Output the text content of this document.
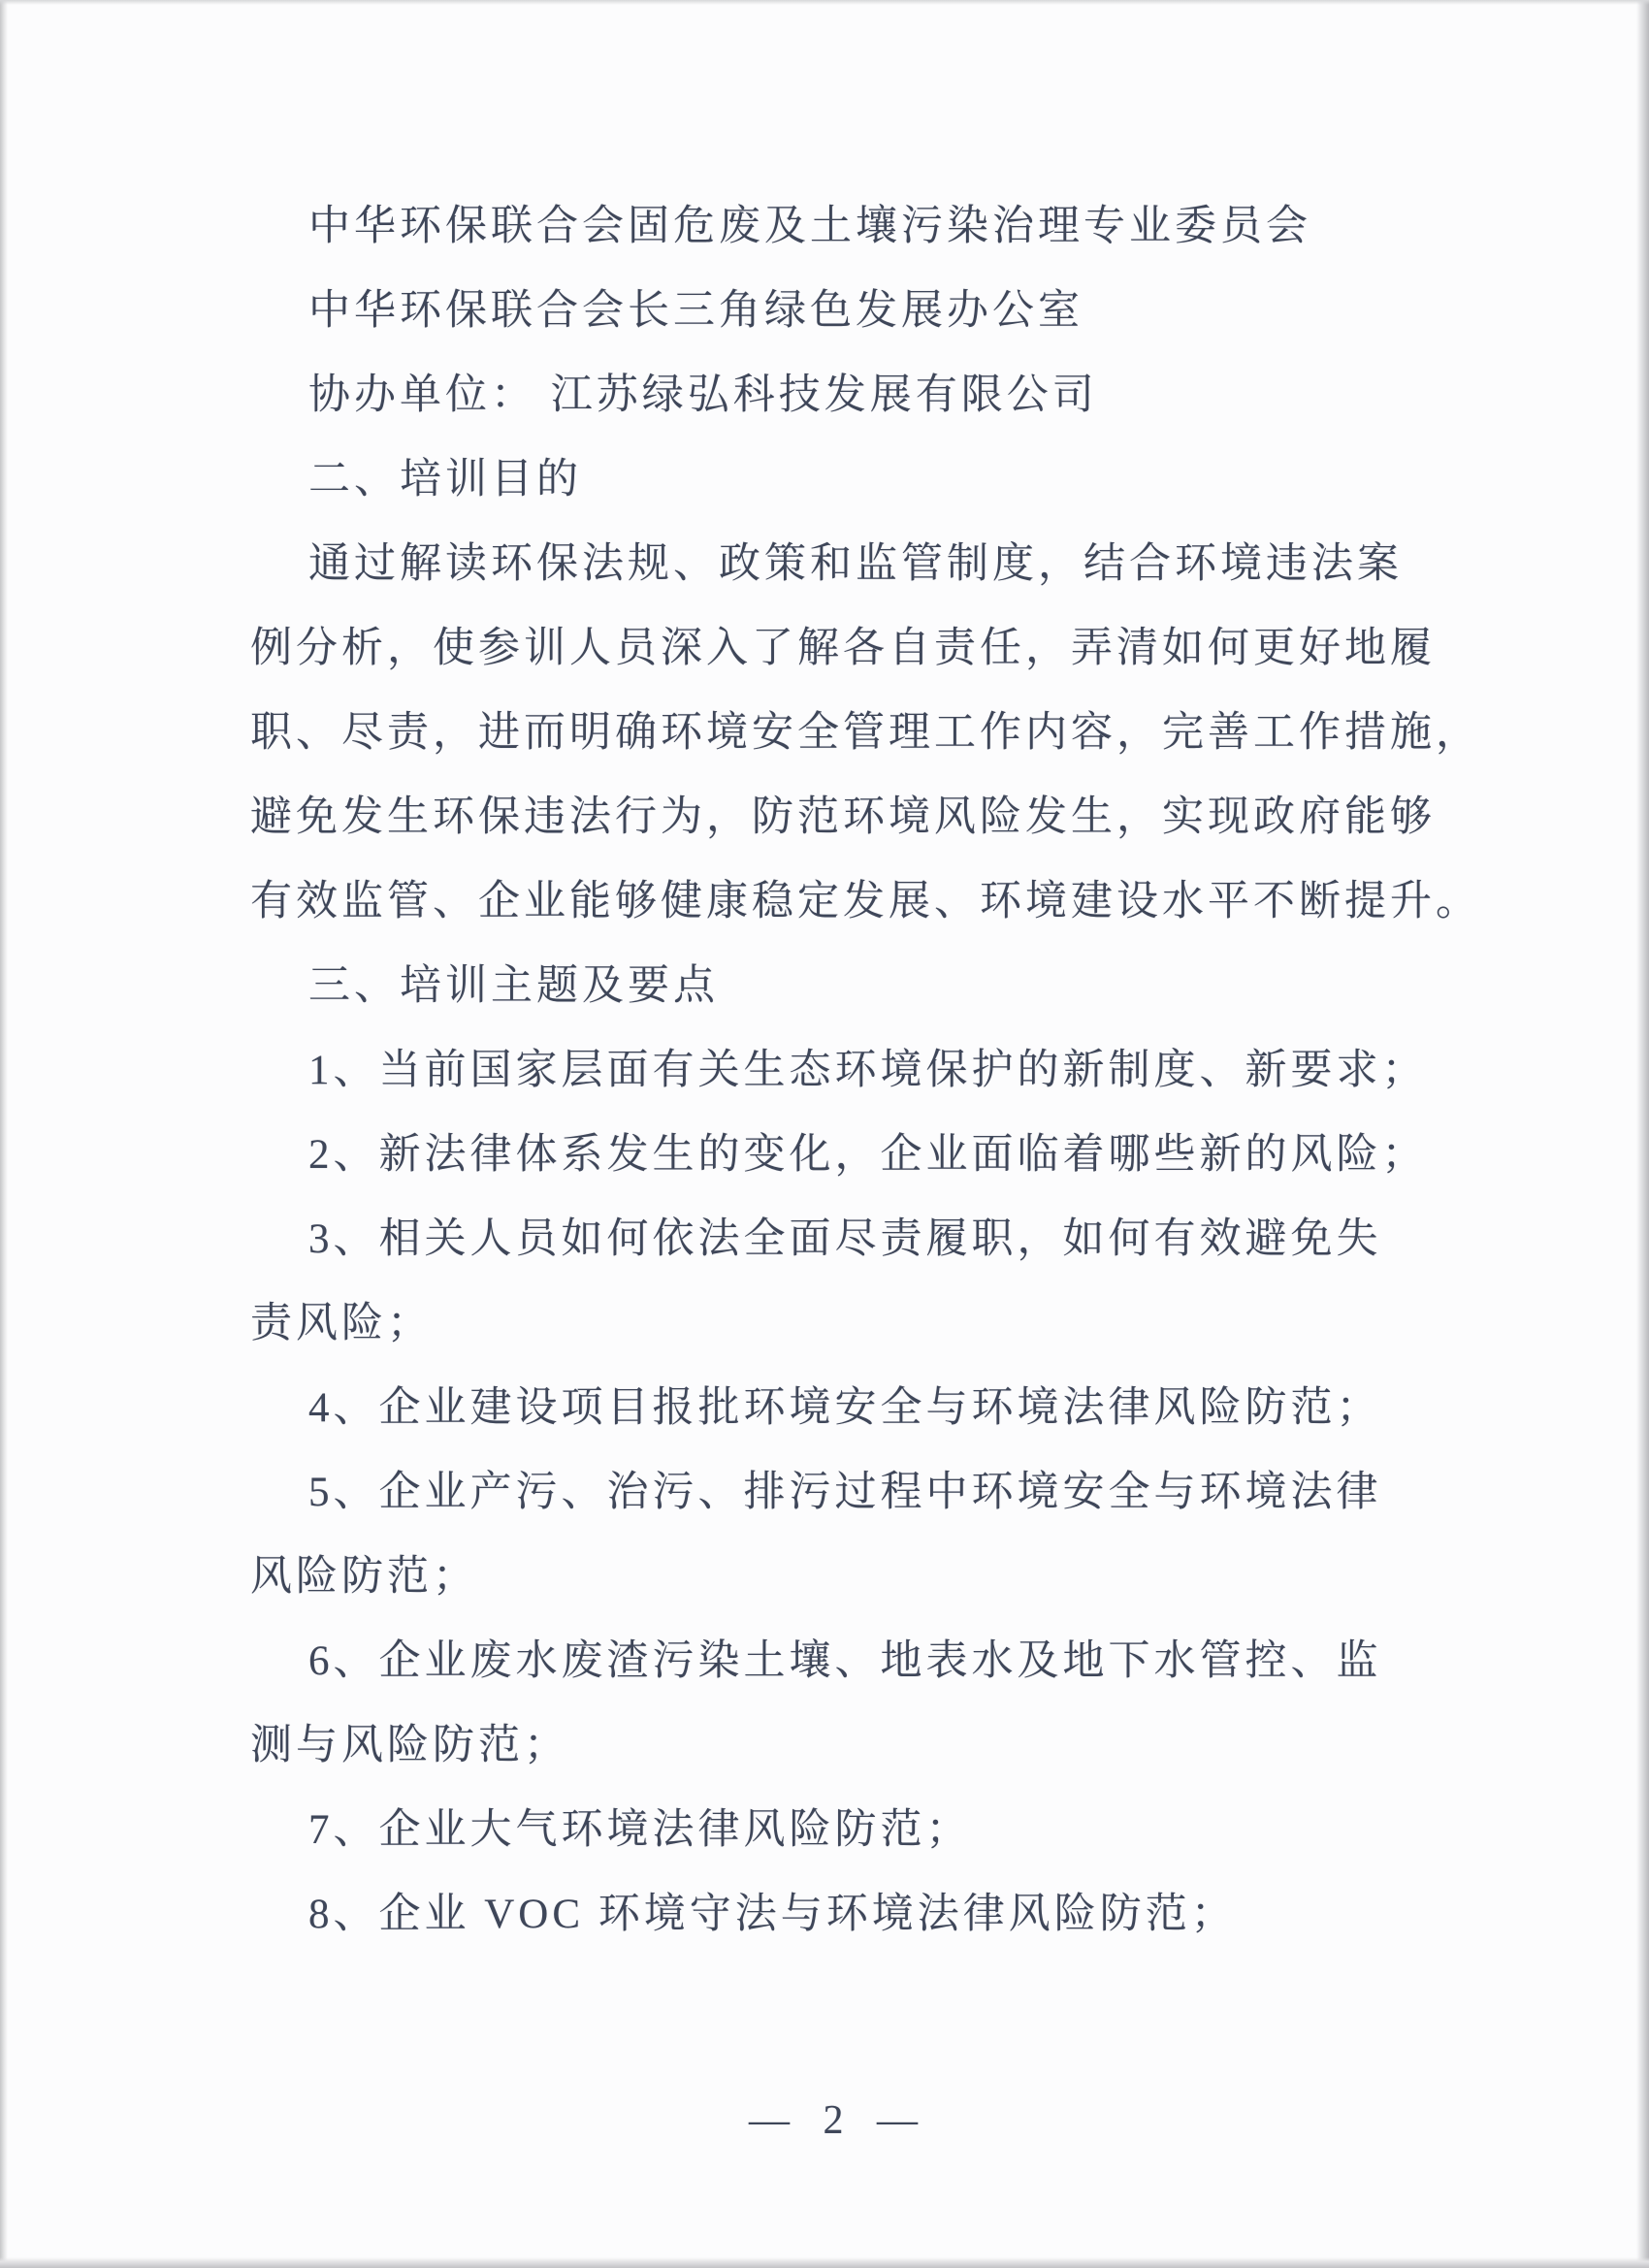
中华环保联合会固危废及土壤污染治理专业委员会
中华环保联合会长三角绿色发展办公室
协办单位： 江苏绿弘科技发展有限公司
二、培训目的
通过解读环保法规、政策和监管制度，结合环境违法案
例分析，使参训人员深入了解各自责任，弄清如何更好地履
职、尽责，进而明确环境安全管理工作内容，完善工作措施，
避免发生环保违法行为，防范环境风险发生，实现政府能够
有效监管、企业能够健康稳定发展、环境建设水平不断提升。
三、培训主题及要点
1、当前国家层面有关生态环境保护的新制度、新要求；
2、新法律体系发生的变化，企业面临着哪些新的风险；
3、相关人员如何依法全面尽责履职，如何有效避免失
责风险；
4、企业建设项目报批环境安全与环境法律风险防范；
5、企业产污、治污、排污过程中环境安全与环境法律
风险防范；
6、企业废水废渣污染土壤、地表水及地下水管控、监
测与风险防范；
7、企业大气环境法律风险防范；
8、企业 VOC 环境守法与环境法律风险防范；
— 2 —
